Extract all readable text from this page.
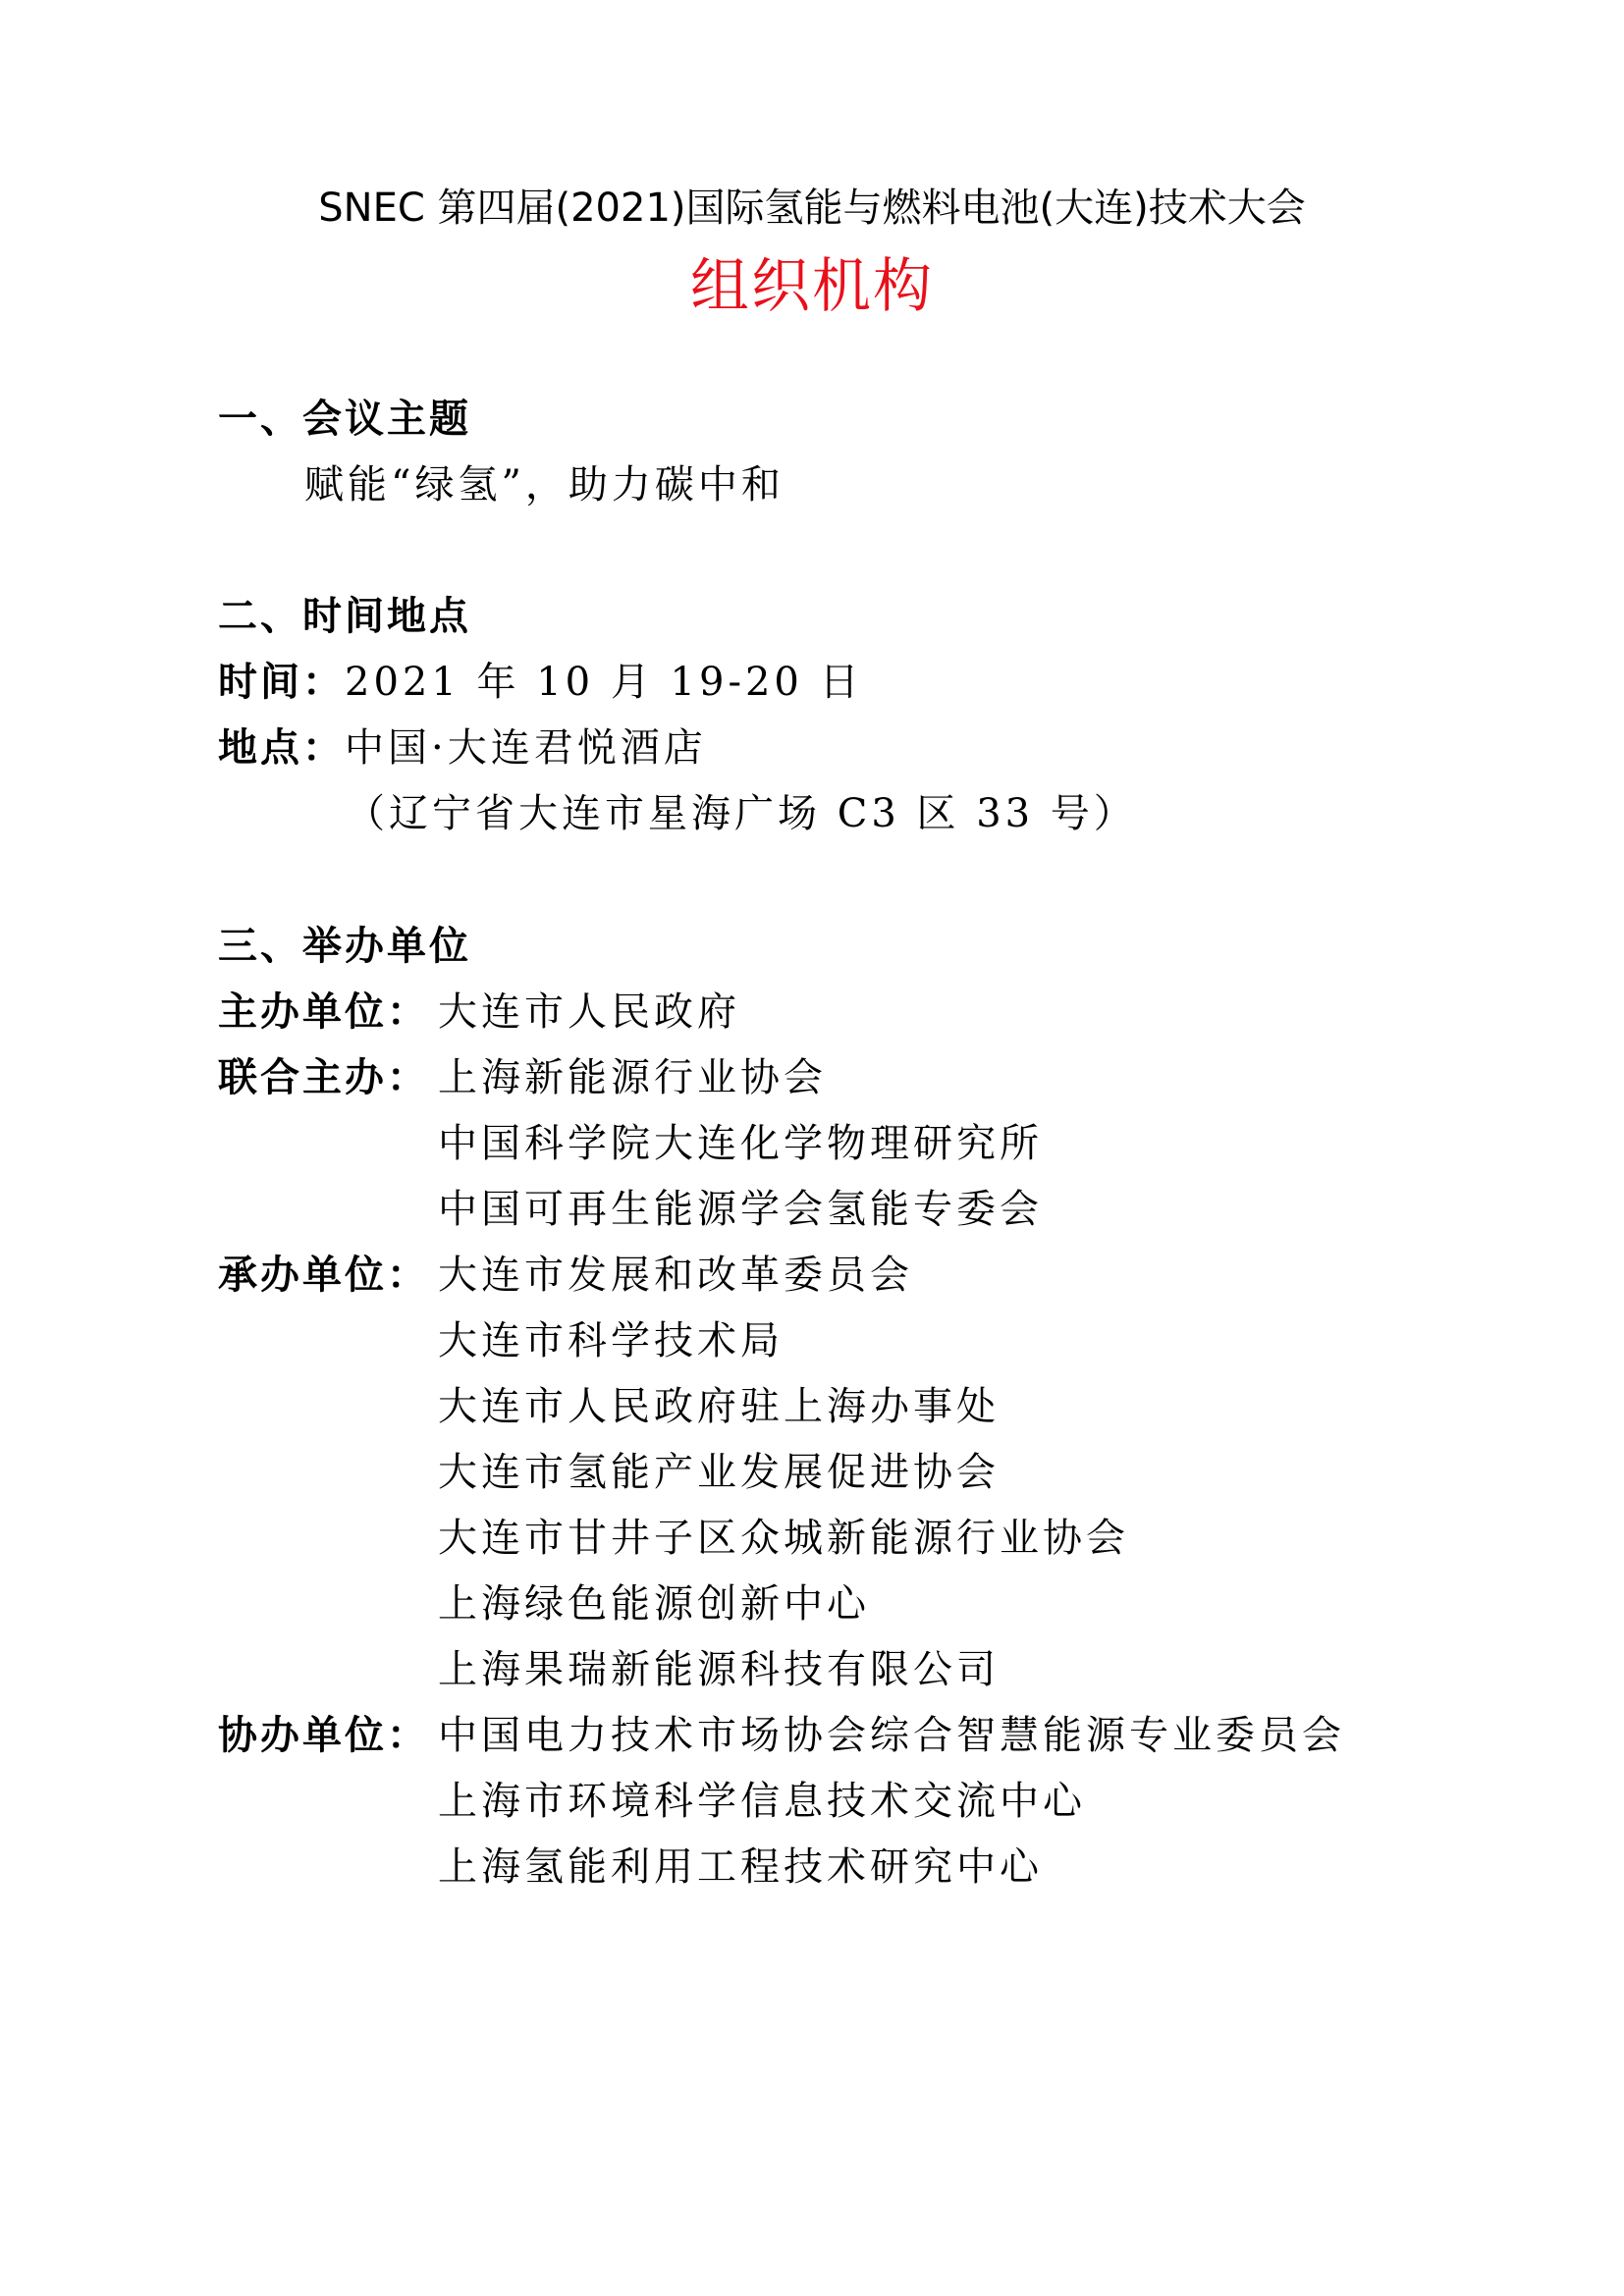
SNEC 第四届(2021)国际氢能与燃料电池(大连)技术大会
组织机构
一、会议主题
赋能“绿氢”，助力碳中和
二、时间地点
时间：2021 年 10 月 19-20 日
地点：中国·大连君悦酒店
（辽宁省大连市星海广场 C3 区 33 号）
三、举办单位
主办单位： 大连市人民政府
联合主办： 上海新能源行业协会
中国科学院大连化学物理研究所
中国可再生能源学会氢能专委会
承办单位： 大连市发展和改革委员会
大连市科学技术局
大连市人民政府驻上海办事处
大连市氢能产业发展促进协会
大连市甘井子区众城新能源行业协会
上海绿色能源创新中心
上海果瑞新能源科技有限公司
协办单位： 中国电力技术市场协会综合智慧能源专业委员会
上海市环境科学信息技术交流中心
上海氢能利用工程技术研究中心
